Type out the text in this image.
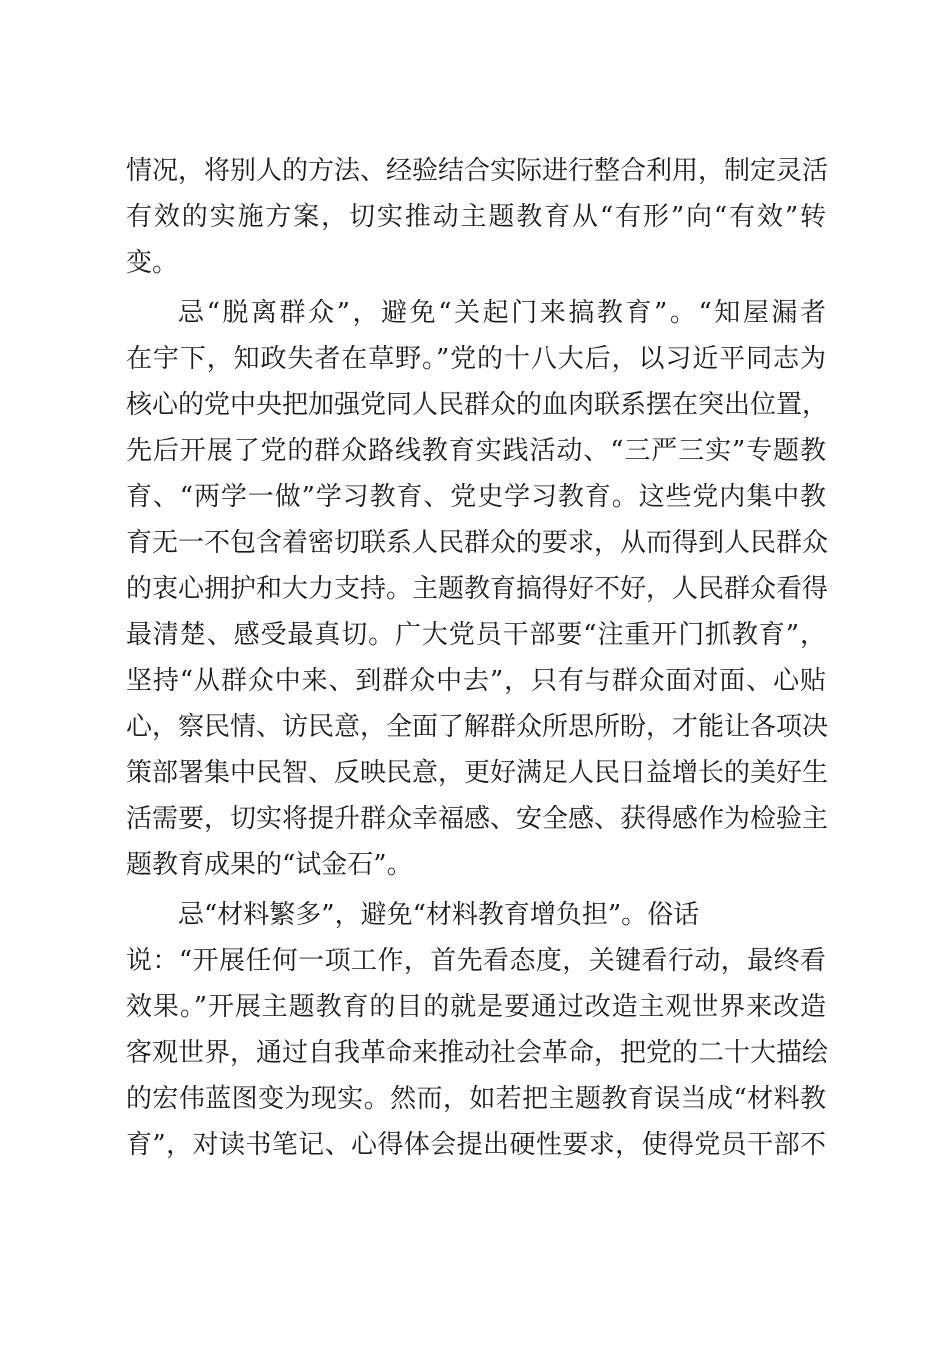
情况，将别人的方法、经验结合实际进行整合利用，制定灵活
有效的实施方案，切实推动主题教育从“有形”向“有效”转
变。
忌“脱离群众”，避免“关起门来搞教育”。“知屋漏者
在宇下，知政失者在草野。”党的十八大后，以习近平同志为
核心的党中央把加强党同人民群众的血肉联系摆在突出位置，
先后开展了党的群众路线教育实践活动、“三严三实”专题教
育、“两学一做”学习教育、党史学习教育。这些党内集中教
育无一不包含着密切联系人民群众的要求，从而得到人民群众
的衷心拥护和大力支持。主题教育搞得好不好，人民群众看得
最清楚、感受最真切。广大党员干部要“注重开门抓教育”，
坚持“从群众中来、到群众中去”，只有与群众面对面、心贴
心，察民情、访民意，全面了解群众所思所盼，才能让各项决
策部署集中民智、反映民意，更好满足人民日益增长的美好生
活需要，切实将提升群众幸福感、安全感、获得感作为检验主
题教育成果的“试金石”。
忌“材料繁多”，避免“材料教育增负担”。俗话
说：“开展任何一项工作，首先看态度，关键看行动，最终看
效果。”开展主题教育的目的就是要通过改造主观世界来改造
客观世界，通过自我革命来推动社会革命，把党的二十大描绘
的宏伟蓝图变为现实。然而，如若把主题教育误当成“材料教
育”，对读书笔记、心得体会提出硬性要求，使得党员干部不
